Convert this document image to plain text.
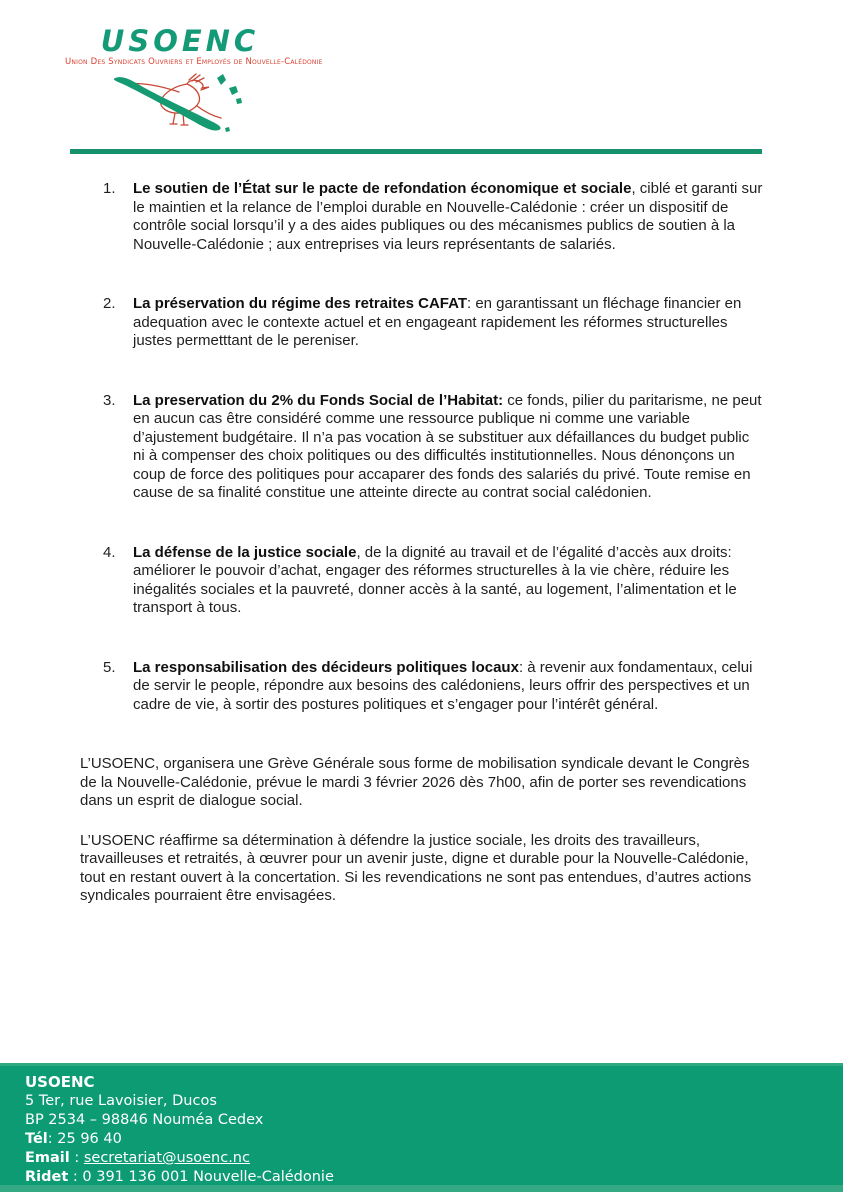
USOENC
Union Des Syndicats Ouvriers et Employés de Nouvelle-Calédonie
1.	Le soutien de l’État sur le pacte de refondation économique et sociale, ciblé et garanti sur le maintien et la relance de l’emploi durable en Nouvelle-Calédonie : créer un dispositif de contrôle social lorsqu’il y a des aides publiques ou des mécanismes publics de soutien à la Nouvelle-Calédonie ; aux entreprises via leurs représentants de salariés.
2.	La préservation du régime des retraites CAFAT: en garantissant un fléchage financier en adequation avec le contexte actuel et en engageant rapidement les réformes structurelles justes permetttant de le pereniser.
3.	La preservation du 2% du Fonds Social de l’Habitat: ce fonds, pilier du paritarisme, ne peut en aucun cas être considéré comme une ressource publique ni comme une variable d’ajustement budgétaire. Il n’a pas vocation à se substituer aux défaillances du budget public ni à compenser des choix politiques ou des difficultés institutionnelles. Nous dénonçons un coup de force des politiques pour accaparer des fonds des salariés du privé. Toute remise en cause de sa finalité constitue une atteinte directe au contrat social calédonien.
4.	La défense de la justice sociale, de la dignité au travail et de l’égalité d’accès aux droits: améliorer le pouvoir d’achat, engager des réformes structurelles à la vie chère, réduire les inégalités sociales et la pauvreté, donner accès à la santé, au logement, l’alimentation et le transport à tous.
5.	La responsabilisation des décideurs politiques locaux: à revenir aux fondamentaux, celui de servir le people, répondre aux besoins des calédoniens, leurs offrir des perspectives et un cadre de vie, à sortir des postures politiques et s’engager pour l’intérêt général.

L’USOENC, organisera une Grève Générale sous forme de mobilisation syndicale devant le Congrès de la Nouvelle-Calédonie, prévue le mardi 3 février 2026 dès 7h00, afin de porter ses revendications dans un esprit de dialogue social.

L’USOENC réaffirme sa détermination à défendre la justice sociale, les droits des travailleurs, travailleuses et retraités, à œuvrer pour un avenir juste, digne et durable pour la Nouvelle-Calédonie, tout en restant ouvert à la concertation. Si les revendications ne sont pas entendues, d’autres actions syndicales pourraient être envisagées.

USOENC
5 Ter, rue Lavoisier, Ducos
BP 2534 – 98846 Nouméa Cedex
Tél: 25 96 40
Email : secretariat@usoenc.nc
Ridet : 0 391 136 001 Nouvelle-Calédonie
